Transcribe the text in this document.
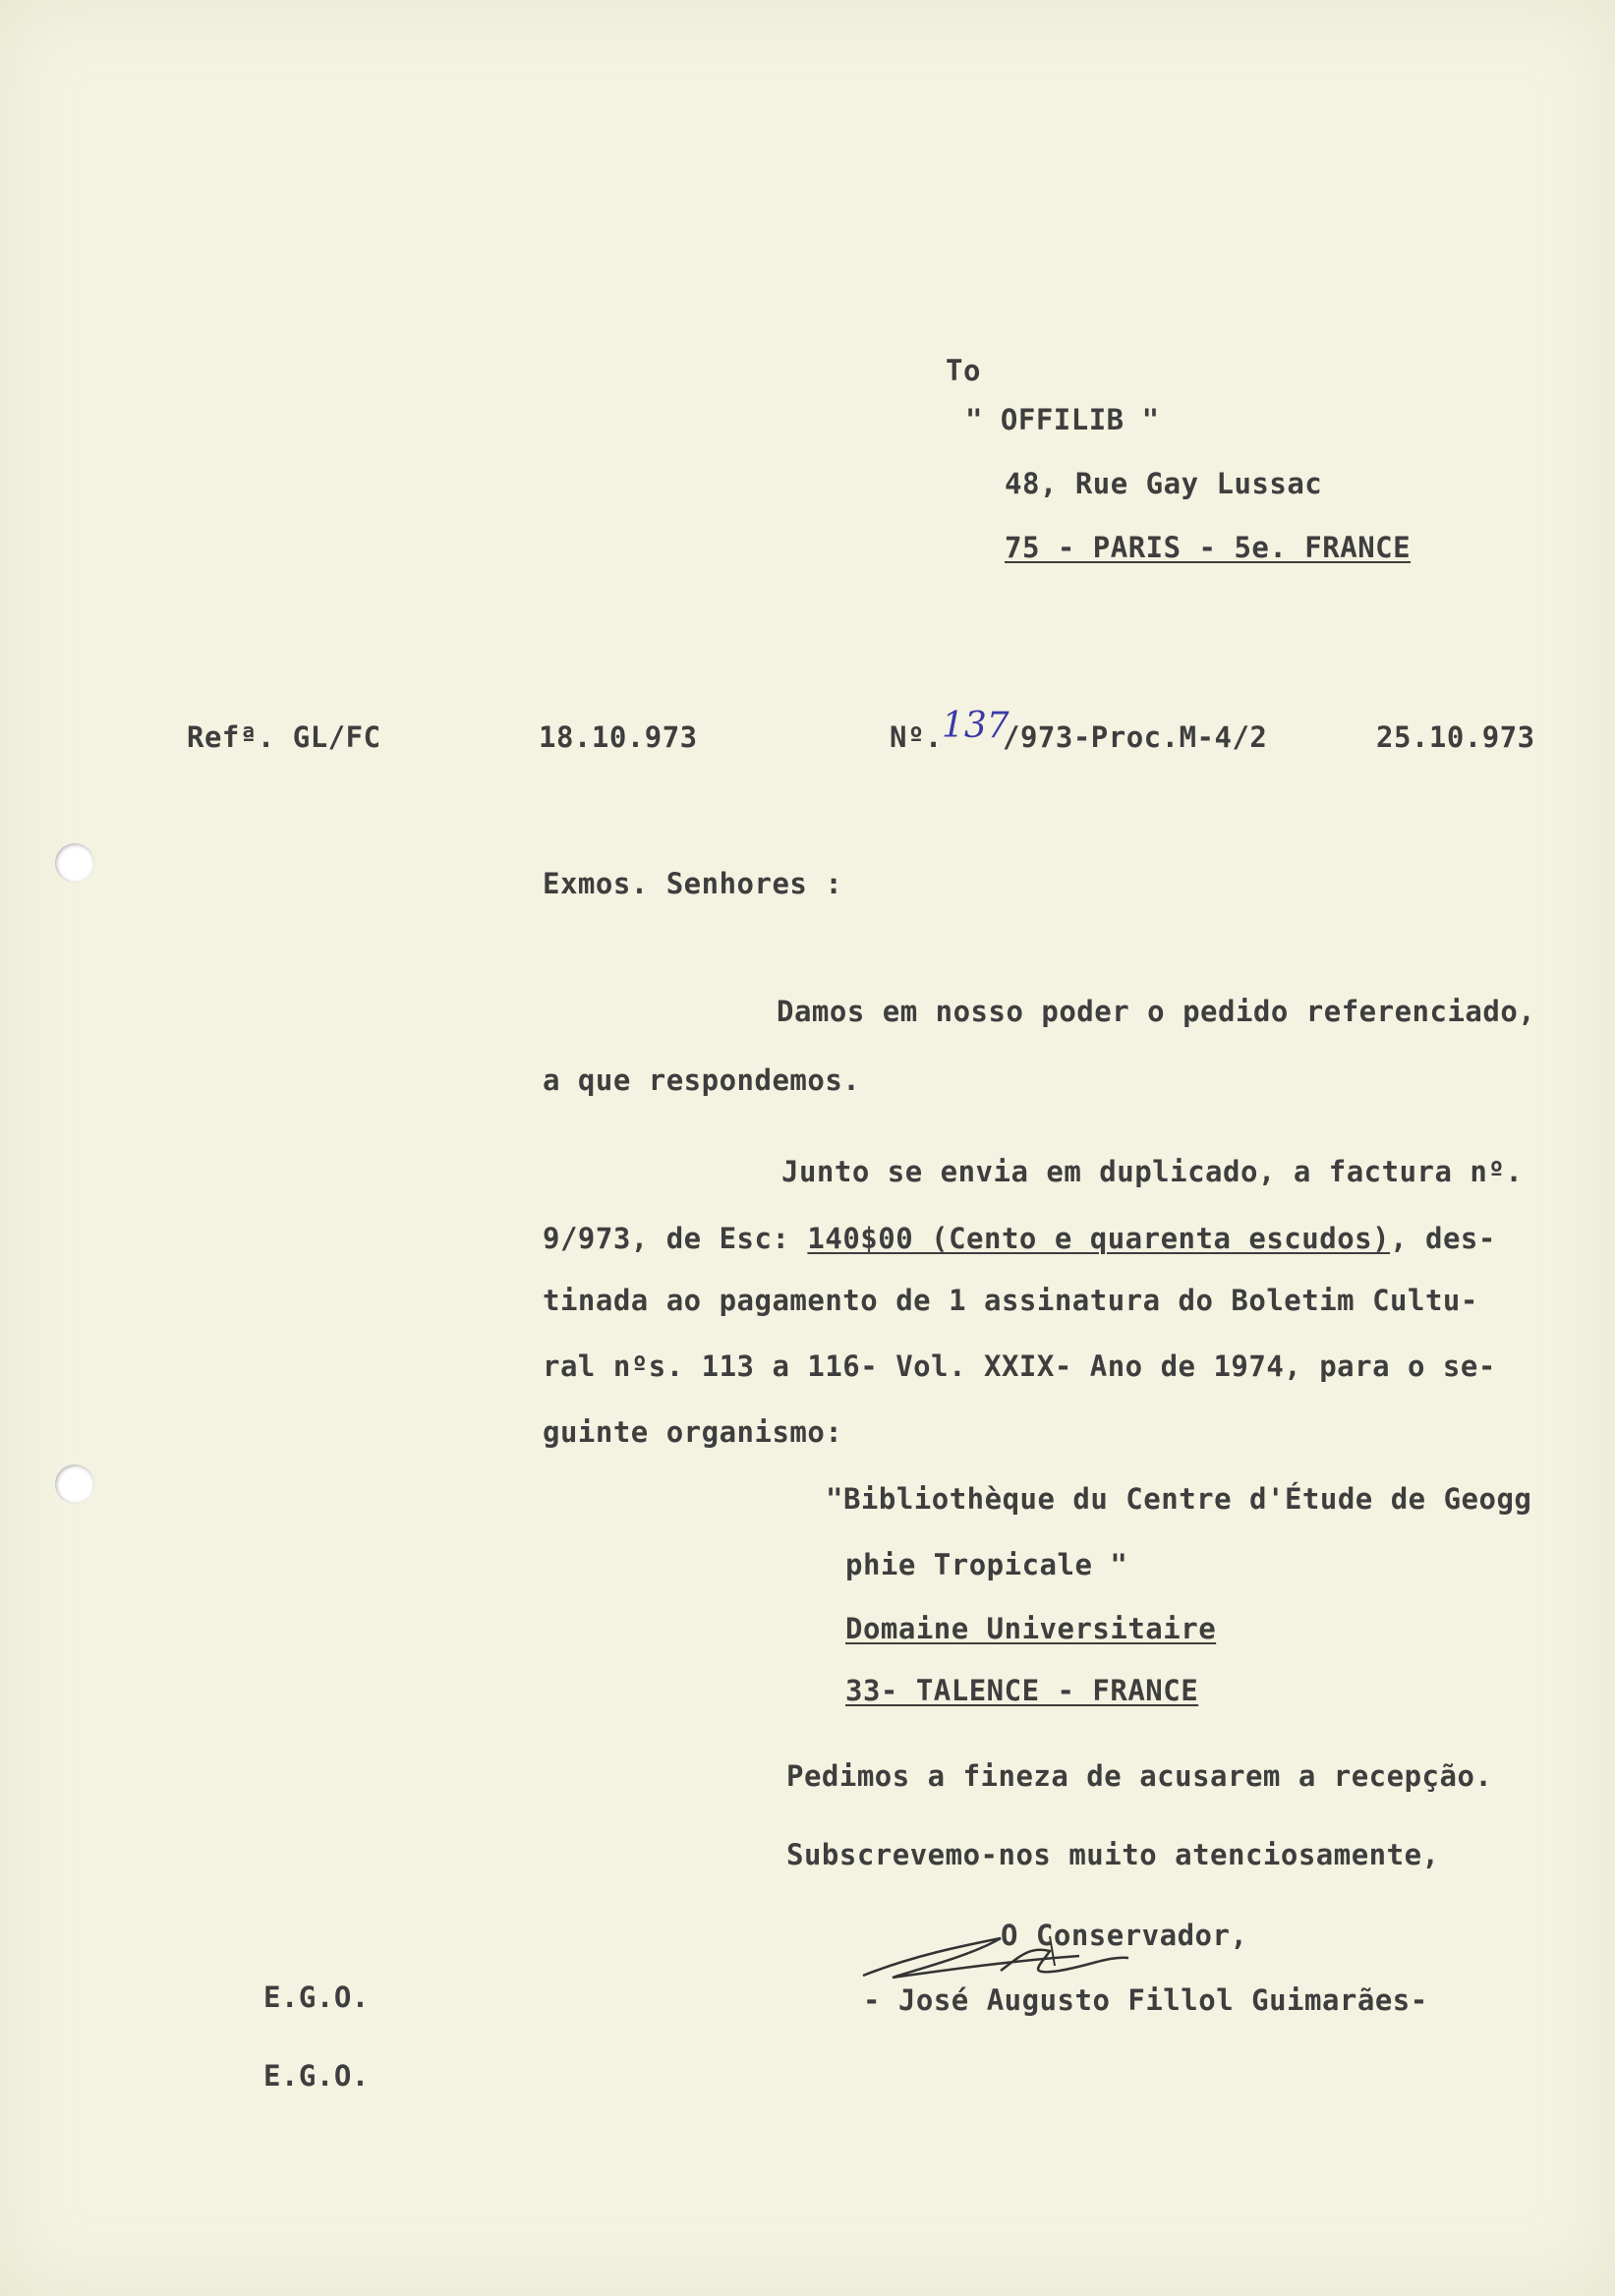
To
" OFFILIB "
48, Rue Gay Lussac
75 - PARIS - 5e. FRANCE
Refª. GL/FC	18.10.973	Nº. 137
/973-Proc.M-4/2	25.10.973
Exmos. Senhores :
Damos em nosso poder o pedido referenciado,
a que respondemos.
Junto se envia em duplicado, a factura nº.
9/973, de Esc: 140$00 (Cento e quarenta escudos), des-
tinada ao pagamento de 1 assinatura do Boletim Cultu-
ral nºs. 113 a 116- Vol. XXIX- Ano de 1974, para o se-
guinte organismo:
"Bibliothèque du Centre d'Étude de Geogg
phie Tropicale "
Domaine Universitaire
33- TALENCE - FRANCE
Pedimos a fineza de acusarem a recepção.
Subscrevemo-nos muito atenciosamente,
O Conservador,
- José Augusto Fillol Guimarães-
E.G.O.
E.G.O.
